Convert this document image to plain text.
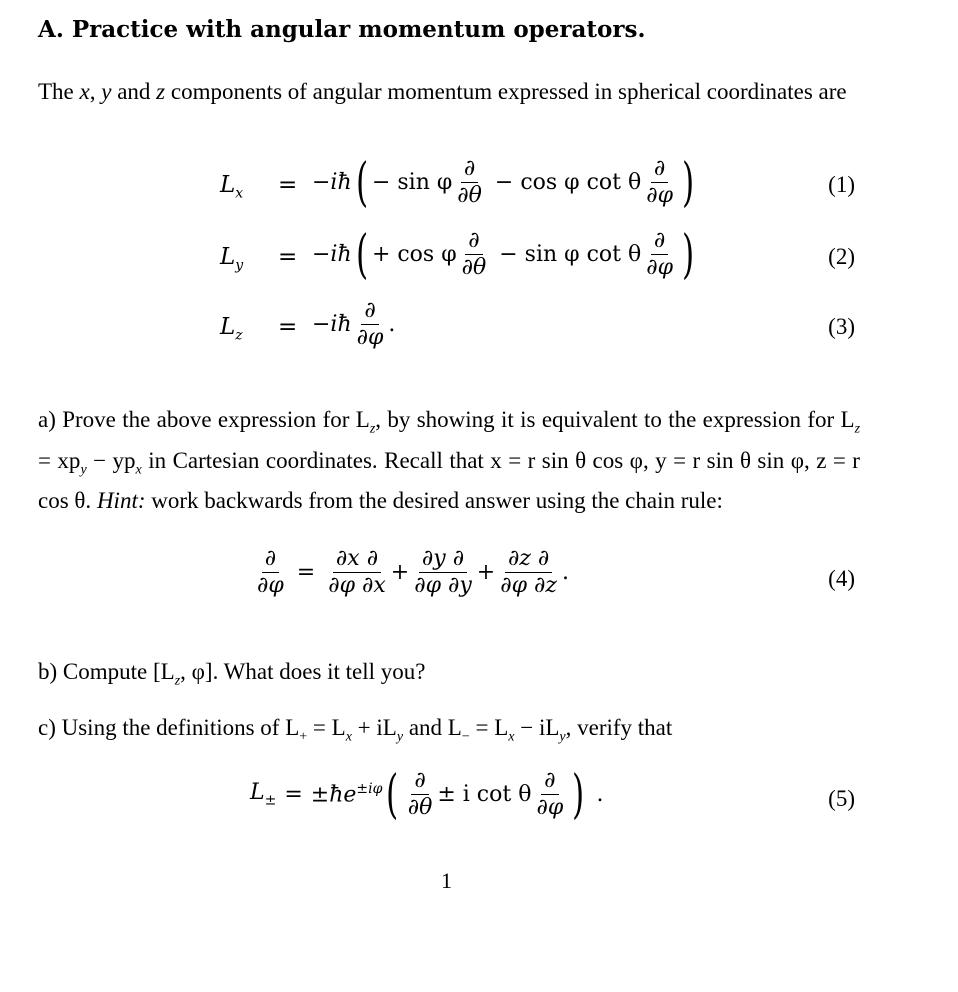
A. Practice with angular momentum operators.
The x, y and z components of angular momentum expressed in spherical coordinates are
$L_x$ = −iħ ( − sin φ $\frac{\partial}{\partial\theta} - \cos \varphi$ cot θ $\frac{\partial}{\partial\varphi}$ )	(1)
$L_y$ = −iħ ( + cos φ $\frac{\partial}{\partial\theta} - \sin \varphi$ cot θ $\frac{\partial}{\partial\varphi}$ )	(2)
$L_z$ = −iħ $\frac{\partial}{\partial\varphi}$ .	(3)
a) Prove the above expression for $L_z$, by showing it is equivalent to the expression for $L_z = xp_y - yp_x$ in Cartesian coordinates. Recall that x = r sin θ cos φ, y = r sin θ sin φ, z = r cos θ. Hint: work backwards from the desired answer using the chain rule:
$\frac{\partial}{\partial\varphi} = \frac{\partial x \partial}{\partial\varphi \partial x} + \frac{\partial y \partial}{\partial\varphi \partial y} + \frac{\partial z \partial}{\partial\varphi \partial z}$ .	(4)
b) Compute [$L_z$, φ]. What does it tell you?
c) Using the definitions of $L_+ = L_x + iL_y$ and $L_- = L_x - iL_y$, verify that
$L_\pm$ = $\pm ħe^{\pm i\varphi}$ ( $\frac{\partial}{\partial\theta} \pm i$ cot θ $\frac{\partial}{\partial\varphi}$ ) .	(5)
1
